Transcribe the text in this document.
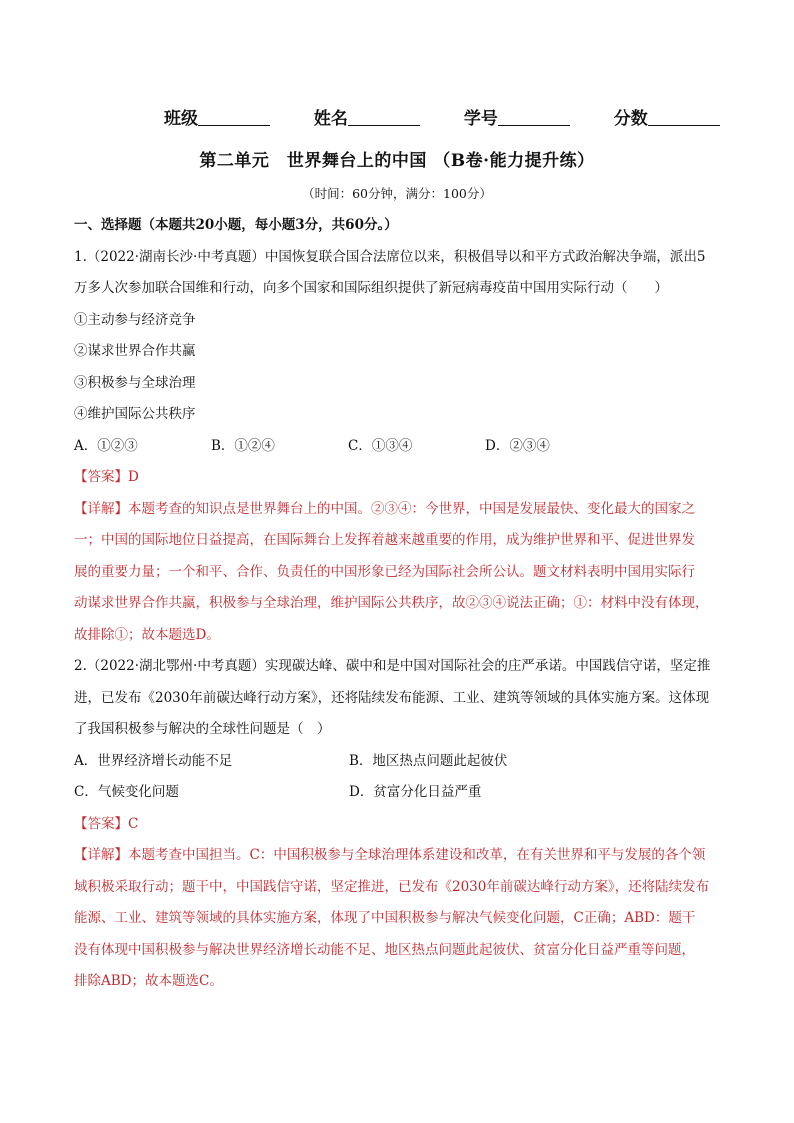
班级	姓名	学号	分数
第二单元　世界舞台上的中国 （B卷·能力提升练）
（时间：60分钟，满分：100分）

一、选择题（本题共20小题，每小题3分，共60分。）

1.（2022·湖南长沙·中考真题）中国恢复联合国合法席位以来，积极倡导以和平方式政治解决争端，派出5

万多人次参加联合国维和行动，向多个国家和国际组织提供了新冠病毒疫苗中国用实际行动（　　）

①主动参与经济竞争

②谋求世界合作共赢

③积极参与全球治理

④维护国际公共秩序

A．①②③	B．①②④	C．①③④	D．②③④

【答案】D

【详解】本题考查的知识点是世界舞台上的中国。②③④：今世界，中国是发展最快、变化最大的国家之

一；中国的国际地位日益提高，在国际舞台上发挥着越来越重要的作用，成为维护世界和平、促进世界发

展的重要力量；一个和平、合作、负责任的中国形象已经为国际社会所公认。题文材料表明中国用实际行

动谋求世界合作共赢，积极参与全球治理，维护国际公共秩序，故②③④说法正确；①：材料中没有体现，

故排除①；故本题选D。

2.（2022·湖北鄂州·中考真题）实现碳达峰、碳中和是中国对国际社会的庄严承诺。中国践信守诺，坚定推

进，已发布《2030年前碳达峰行动方案》，还将陆续发布能源、工业、建筑等领域的具体实施方案。这体现

了我国积极参与解决的全球性问题是（　）

A．世界经济增长动能不足	B．地区热点问题此起彼伏
C．气候变化问题	D．贫富分化日益严重

【答案】C

【详解】本题考查中国担当。C：中国积极参与全球治理体系建设和改革，在有关世界和平与发展的各个领

域积极采取行动；题干中，中国践信守诺，坚定推进，已发布《2030年前碳达峰行动方案》，还将陆续发布

能源、工业、建筑等领域的具体实施方案，体现了中国积极参与解决气候变化问题，C正确；ABD：题干

没有体现中国积极参与解决世界经济增长动能不足、地区热点问题此起彼伏、贫富分化日益严重等问题，

排除ABD；故本题选C。
